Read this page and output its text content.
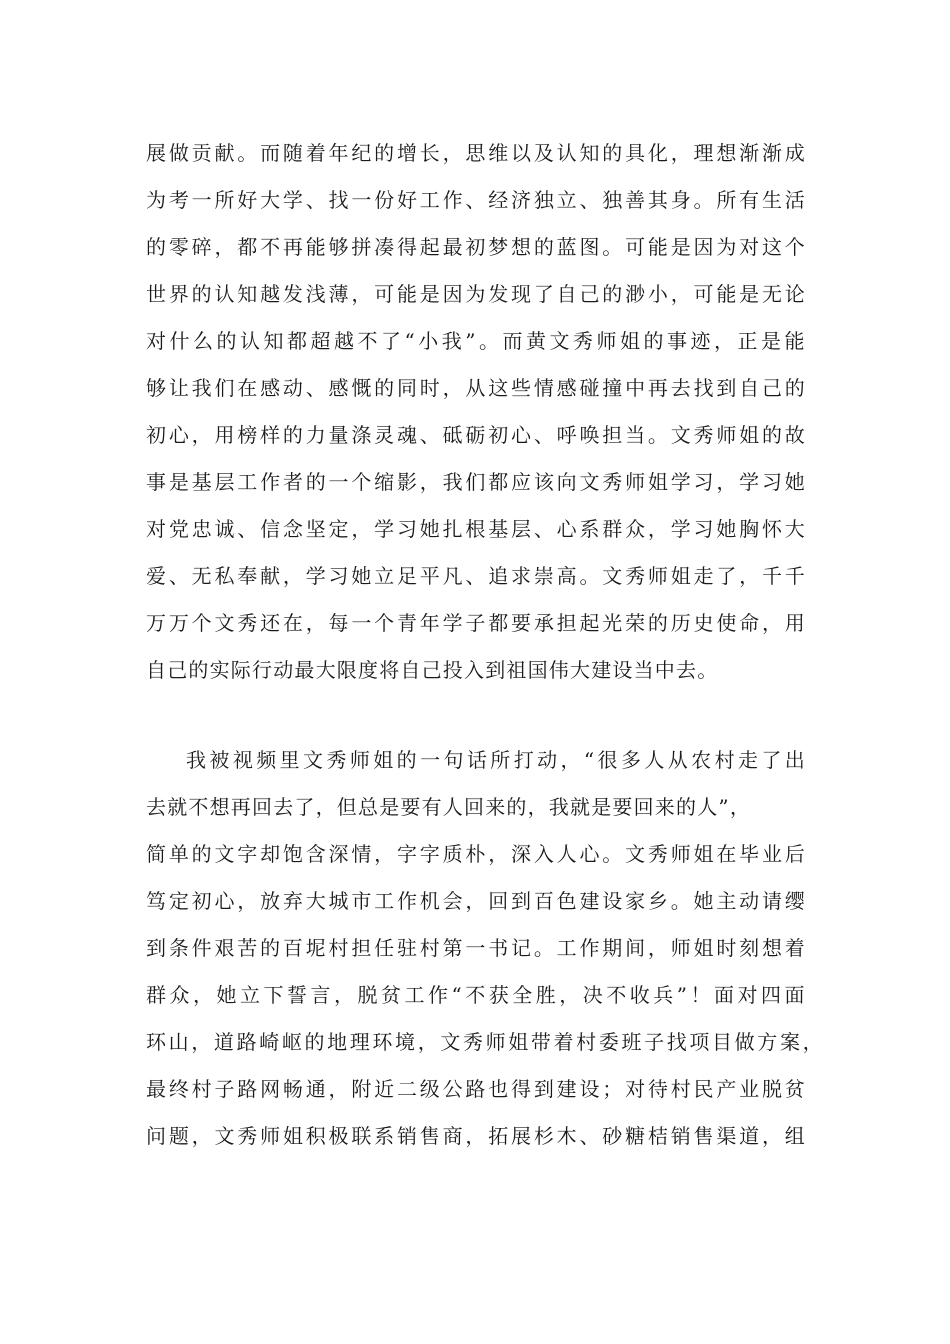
展 做 贡 献 。 而 随 着 年 纪 的 增 长 ， 思 维 以 及 认 知 的 具 化 ， 理 想 渐 渐 成
为 考 一 所 好 大 学 、 找 一 份 好 工 作 、 经 济 独 立 、 独 善 其 身 。 所 有 生 活
的 零 碎 ， 都 不 再 能 够 拼 凑 得 起 最 初 梦 想 的 蓝 图 。 可 能 是 因 为 对 这 个
世 界 的 认 知 越 发 浅 薄 ， 可 能 是 因 为 发 现 了 自 己 的 渺 小 ， 可 能 是 无 论
对 什 么 的 认 知 都 超 越 不 了 “ 小 我 ” 。 而 黄 文 秀 师 姐 的 事 迹 ， 正 是 能
够 让 我 们 在 感 动 、 感 慨 的 同 时 ， 从 这 些 情 感 碰 撞 中 再 去 找 到 自 己 的
初 心 ， 用 榜 样 的 力 量 涤 灵 魂 、 砥 砺 初 心 、 呼 唤 担 当 。 文 秀 师 姐 的 故
事 是 基 层 工 作 者 的 一 个 缩 影 ， 我 们 都 应 该 向 文 秀 师 姐 学 习 ， 学 习 她
对 党 忠 诚 、 信 念 坚 定 ， 学 习 她 扎 根 基 层 、 心 系 群 众 ， 学 习 她 胸 怀 大
爱 、 无 私 奉 献 ， 学 习 她 立 足 平 凡 、 追 求 崇 高 。 文 秀 师 姐 走 了 ， 千 千
万 万 个 文 秀 还 在 ， 每 一 个 青 年 学 子 都 要 承 担 起 光 荣 的 历 史 使 命 ， 用
自己的实际行动最大限度将自己投入到祖国伟大建设当中去。
我 被 视 频 里 文 秀 师 姐 的 一 句 话 所 打 动 ， “ 很 多 人 从 农 村 走 了 出
去就不想再回去了，但总是要有人回来的，我就是要回来的人”，
简 单 的 文 字 却 饱 含 深 情 ， 字 字 质 朴 ， 深 入 人 心 。 文 秀 师 姐 在 毕 业 后
笃 定 初 心 ， 放 弃 大 城 市 工 作 机 会 ， 回 到 百 色 建 设 家 乡 。 她 主 动 请 缨
到 条 件 艰 苦 的 百 坭 村 担 任 驻 村 第 一 书 记 。 工 作 期 间 ， 师 姐 时 刻 想 着
群 众 ， 她 立 下 誓 言 ， 脱 贫 工 作 “ 不 获 全 胜 ， 决 不 收 兵 ” ！ 面 对 四 面
环 山 ， 道 路 崎 岖 的 地 理 环 境 ， 文 秀 师 姐 带 着 村 委 班 子 找 项 目 做 方 案 ，
最 终 村 子 路 网 畅 通 ， 附 近 二 级 公 路 也 得 到 建 设 ； 对 待 村 民 产 业 脱 贫
问 题 ， 文 秀 师 姐 积 极 联 系 销 售 商 ， 拓 展 杉 木 、 砂 糖 桔 销 售 渠 道 ， 组
